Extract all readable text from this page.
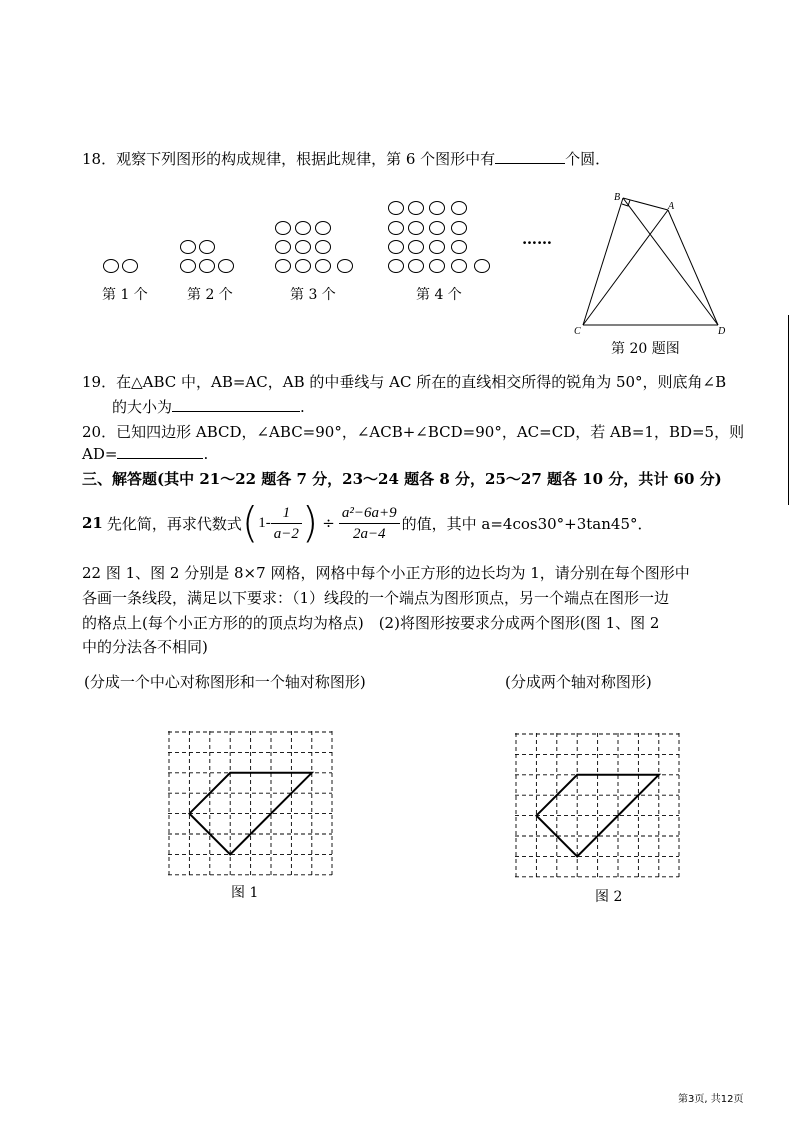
18．观察下列图形的构成规律，根据此规律，第 6 个图形中有	个圆．
第 1 个	第 2 个	第 3 个	第 4 个
……
B
A
C	D
第 20 题图
19．在△ABC 中，AB=AC，AB 的中垂线与 AC 所在的直线相交所得的锐角为 50°，则底角∠B
的大小为	.
20．已知四边形 ABCD，∠ABC=90°，∠ACB+∠BCD=90°，AC=CD，若 AB=1，BD=5，则
AD=	.
三、解答题(其中 21～22 题各 7 分，23～24 题各 8 分，25～27 题各 10 分，共计 60 分)
21 先化简，再求代数式 ( $1- \frac{1}{a-2}$ ) ÷ $\frac{\text{a²−6a+9}}{2a-4}$ 的值，其中 a=4cos30°+3tan45°．
22 图 1、图 2 分别是 8×7 网格，网格中每个小正方形的边长均为 1，请分别在每个图形中
各画一条线段，满足以下要求：（1）线段的一个端点为图形顶点，另一个端点在图形一边
的格点上(每个小正方形的的顶点均为格点)　(2)将图形按要求分成两个图形(图 1、图 2
中的分法各不相同)
(分成一个中心对称图形和一个轴对称图形)	(分成两个轴对称图形)
图 1	图 2
第3页, 共12页
